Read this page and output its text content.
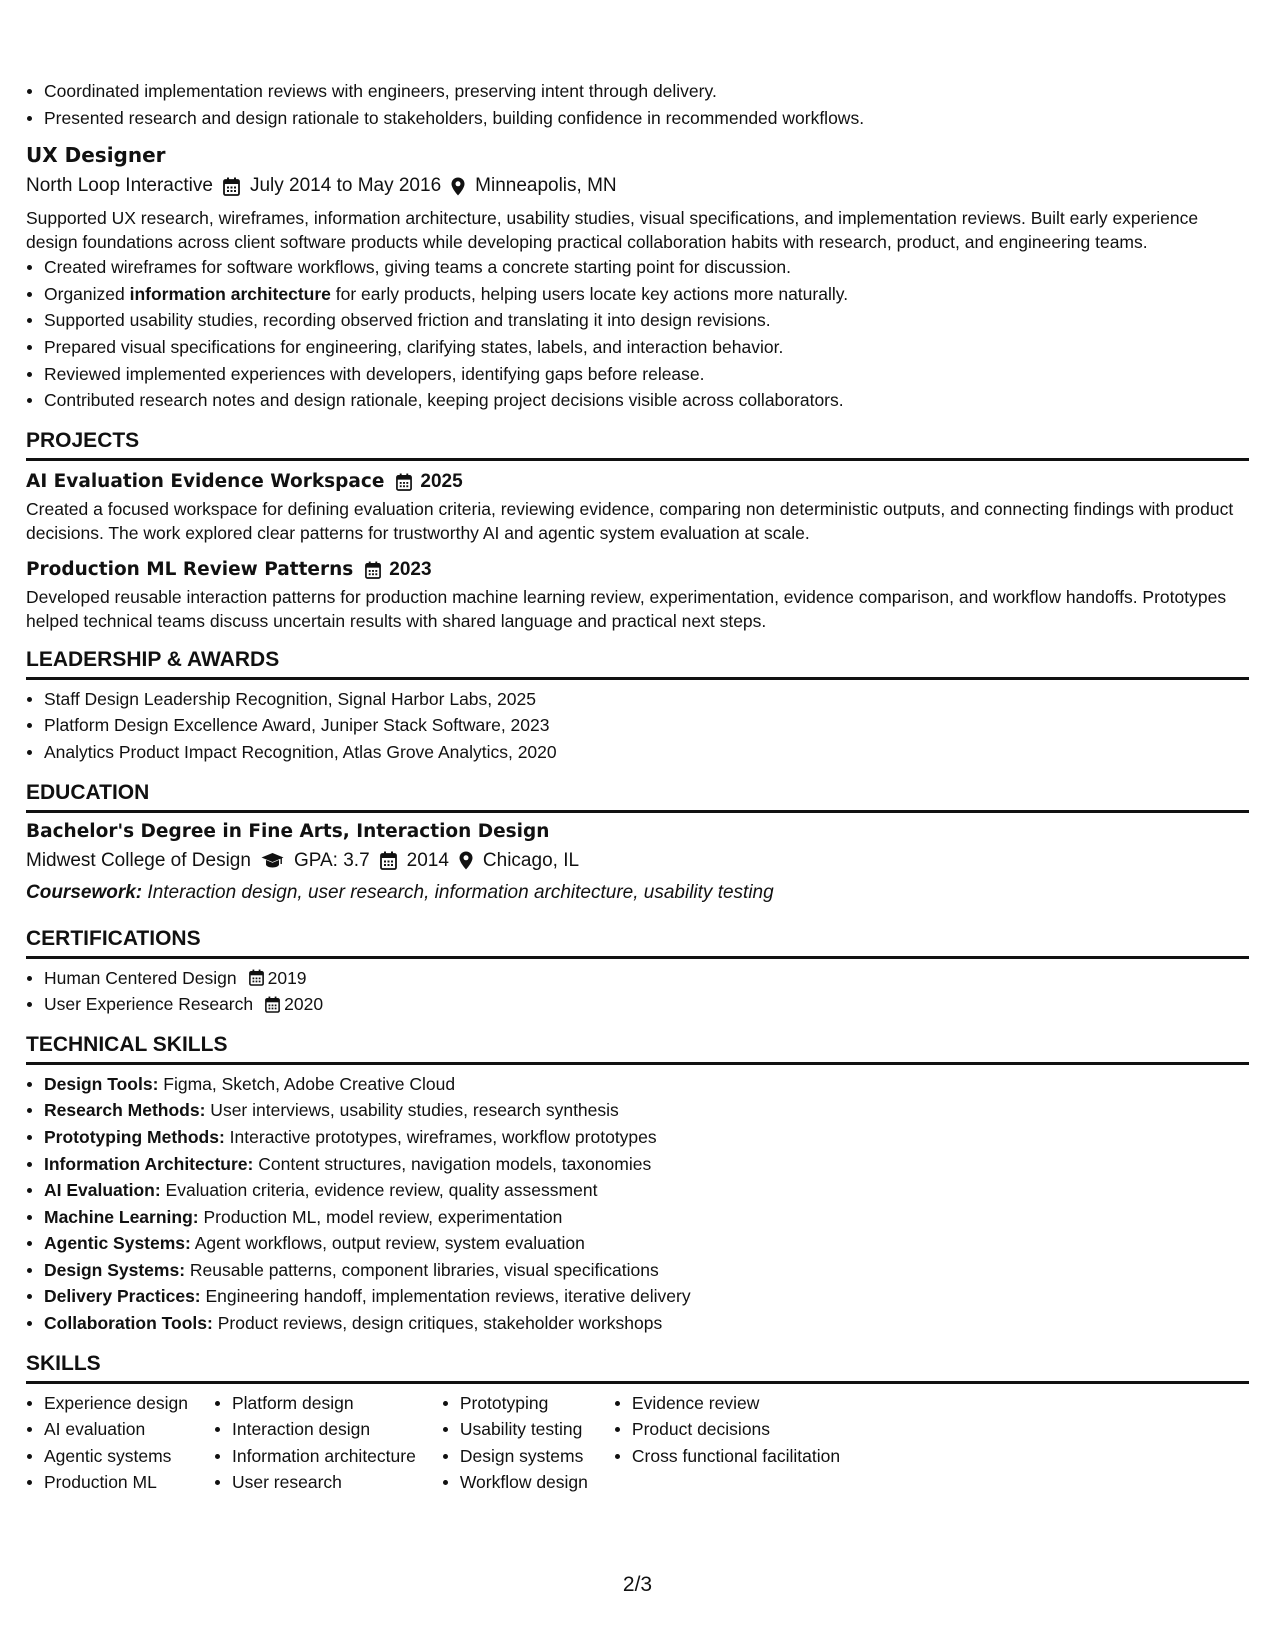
Coordinated implementation reviews with engineers, preserving intent through delivery.
Presented research and design rationale to stakeholders, building confidence in recommended workflows.
UX Designer
North Loop Interactive July 2014 to May 2016 Minneapolis, MN
Supported UX research, wireframes, information architecture, usability studies, visual specifications, and implementation reviews. Built early experience design foundations across client software products while developing practical collaboration habits with research, product, and engineering teams.
Created wireframes for software workflows, giving teams a concrete starting point for discussion.
Organized information architecture for early products, helping users locate key actions more naturally.
Supported usability studies, recording observed friction and translating it into design revisions.
Prepared visual specifications for engineering, clarifying states, labels, and interaction behavior.
Reviewed implemented experiences with developers, identifying gaps before release.
Contributed research notes and design rationale, keeping project decisions visible across collaborators.
PROJECTS
AI Evaluation Evidence Workspace 2025
Created a focused workspace for defining evaluation criteria, reviewing evidence, comparing non deterministic outputs, and connecting findings with product decisions. The work explored clear patterns for trustworthy AI and agentic system evaluation at scale.
Production ML Review Patterns 2023
Developed reusable interaction patterns for production machine learning review, experimentation, evidence comparison, and workflow handoffs. Prototypes helped technical teams discuss uncertain results with shared language and practical next steps.
LEADERSHIP & AWARDS
Staff Design Leadership Recognition, Signal Harbor Labs, 2025
Platform Design Excellence Award, Juniper Stack Software, 2023
Analytics Product Impact Recognition, Atlas Grove Analytics, 2020
EDUCATION
Bachelor's Degree in Fine Arts, Interaction Design
Midwest College of Design GPA: 3.7 2014 Chicago, IL
Coursework: Interaction design, user research, information architecture, usability testing
CERTIFICATIONS
Human Centered Design 2019
User Experience Research 2020
TECHNICAL SKILLS
Design Tools: Figma, Sketch, Adobe Creative Cloud
Research Methods: User interviews, usability studies, research synthesis
Prototyping Methods: Interactive prototypes, wireframes, workflow prototypes
Information Architecture: Content structures, navigation models, taxonomies
AI Evaluation: Evaluation criteria, evidence review, quality assessment
Machine Learning: Production ML, model review, experimentation
Agentic Systems: Agent workflows, output review, system evaluation
Design Systems: Reusable patterns, component libraries, visual specifications
Delivery Practices: Engineering handoff, implementation reviews, iterative delivery
Collaboration Tools: Product reviews, design critiques, stakeholder workshops
SKILLS
Experience design
AI evaluation
Agentic systems
Production ML
Platform design
Interaction design
Information architecture
User research
Prototyping
Usability testing
Design systems
Workflow design
Evidence review
Product decisions
Cross functional facilitation
2/3
